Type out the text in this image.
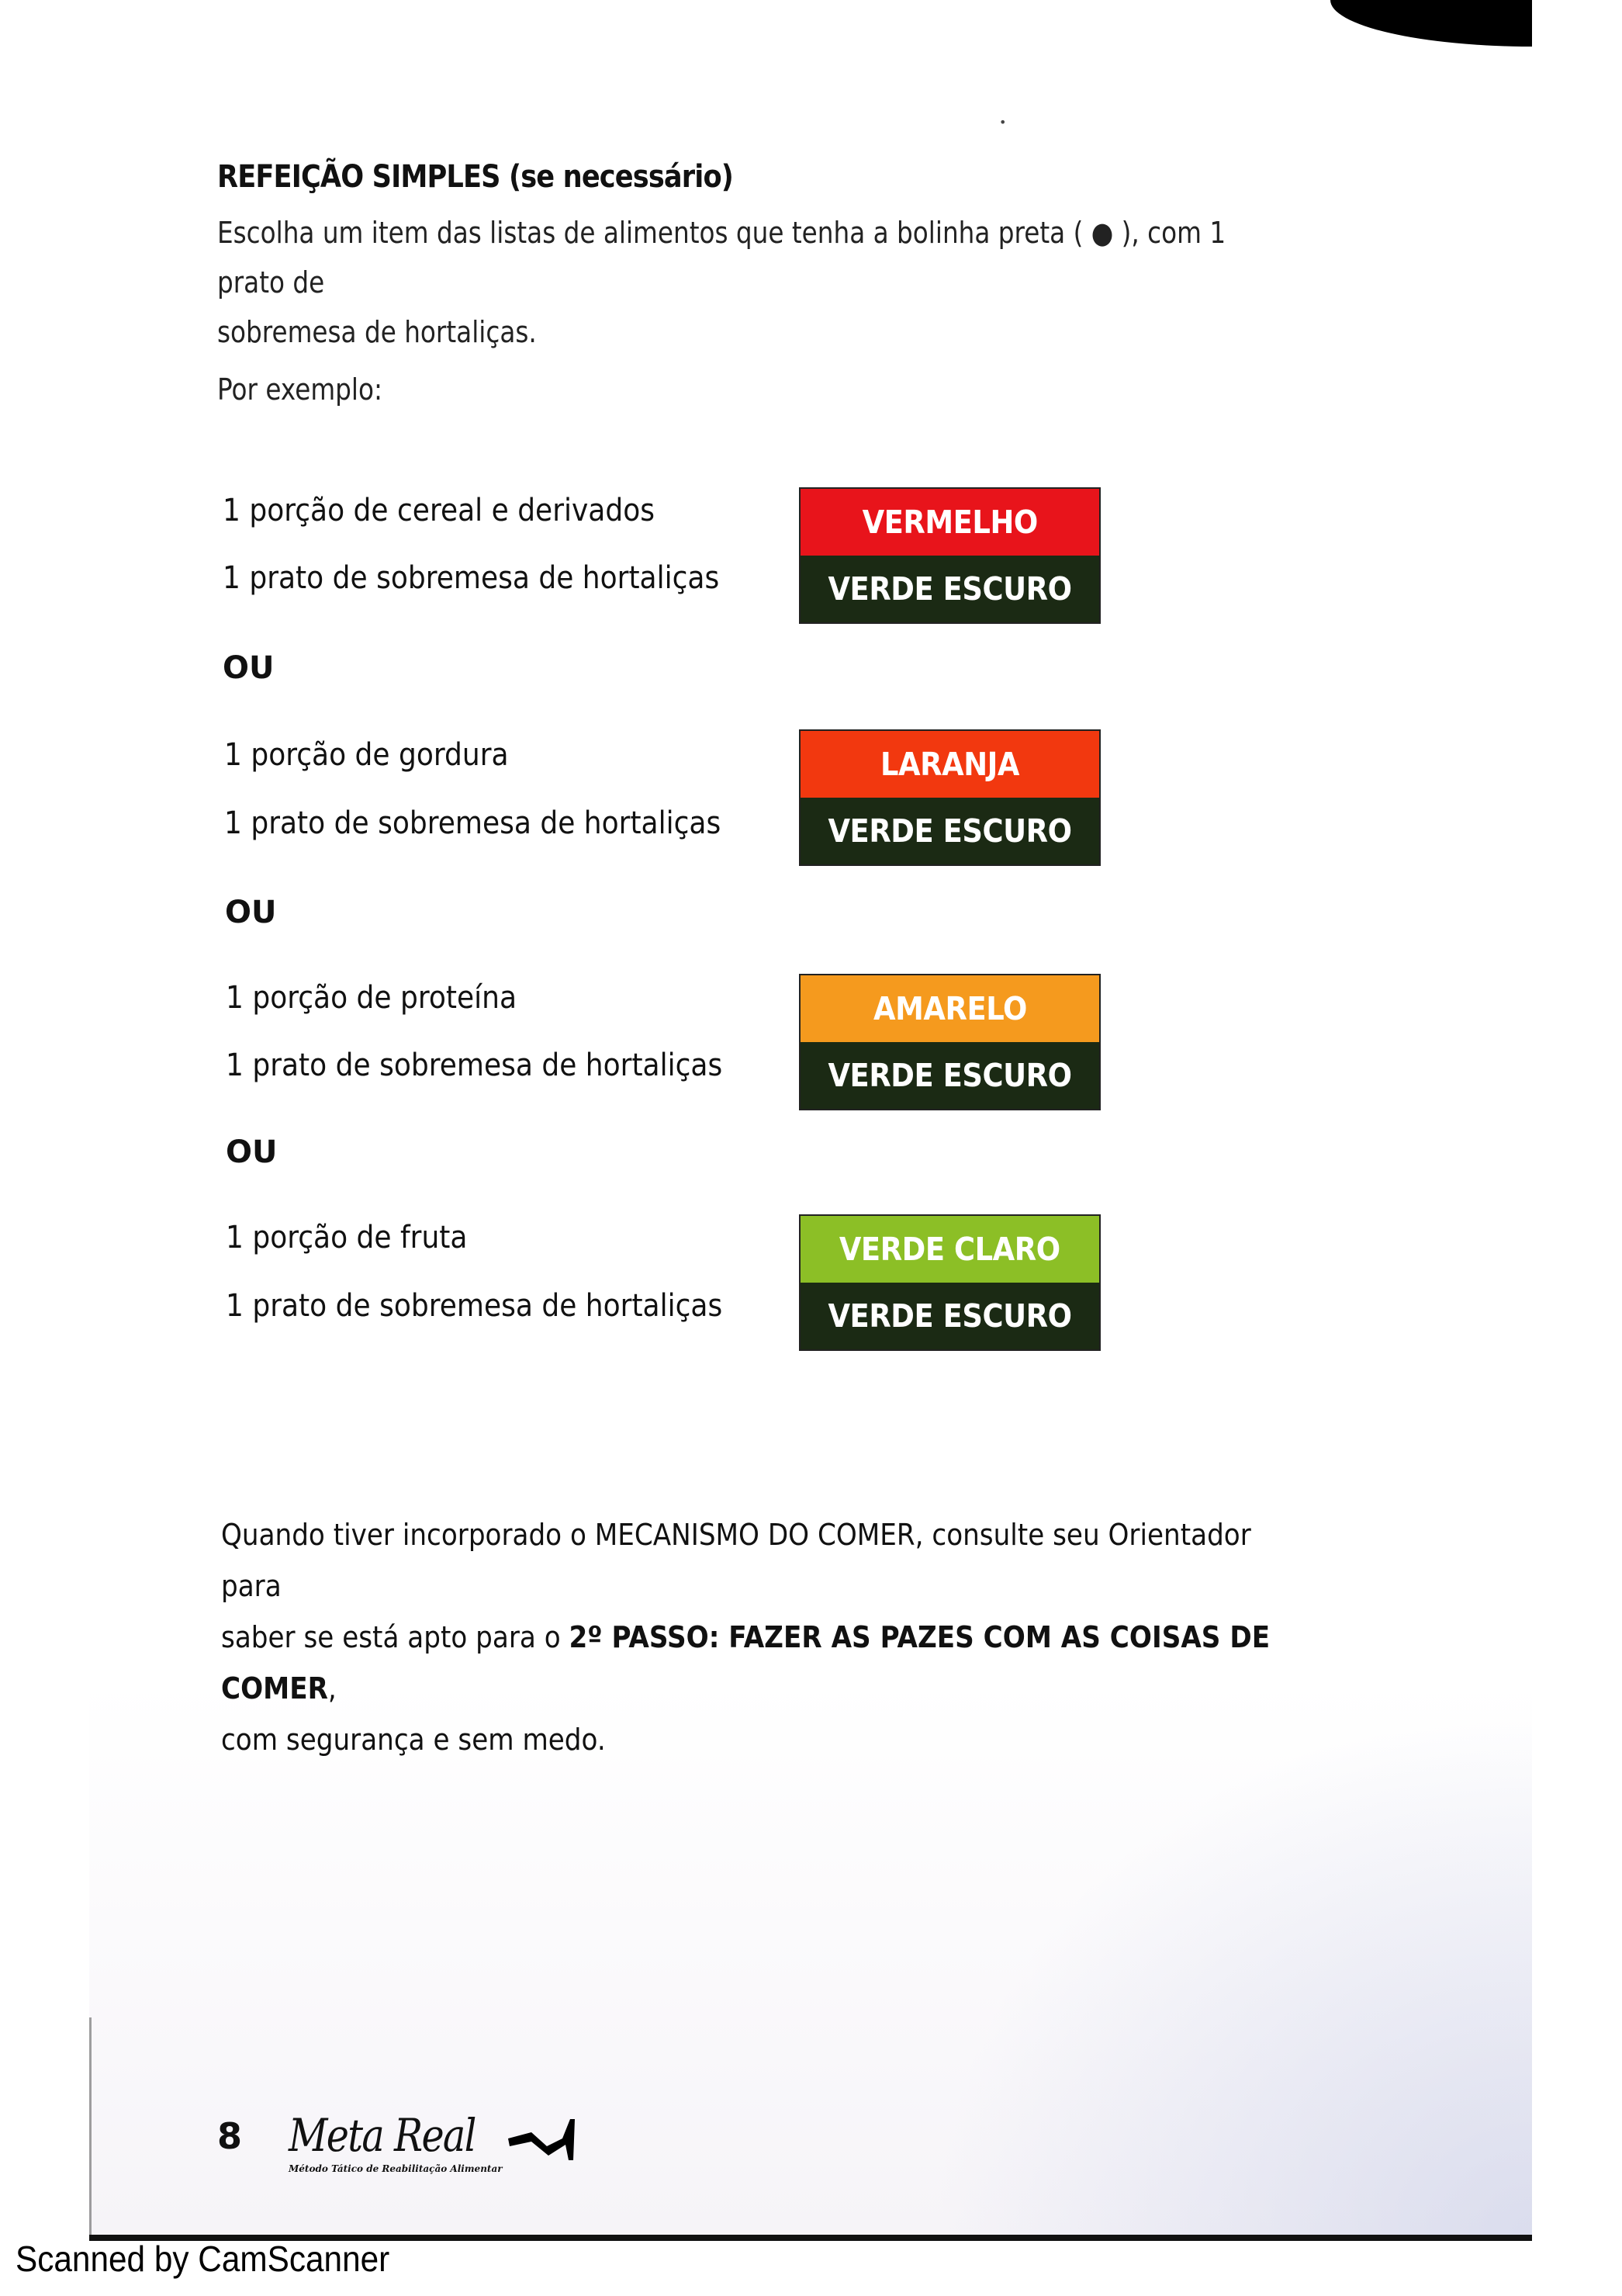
•
REFEIÇÃO SIMPLES (se necessário)

Escolha um item das listas de alimentos que tenha a bolinha preta ( ● ), com 1 prato de

sobremesa de hortaliças.

Por exemplo:
1 porção de cereal e derivados
1 prato de sobremesa de hortaliças
VERMELHO
VERDE ESCURO
OU
1 porção de gordura
1 prato de sobremesa de hortaliças
LARANJA
VERDE ESCURO
OU
1 porção de proteína
1 prato de sobremesa de hortaliças
AMARELO
VERDE ESCURO
OU
1 porção de fruta
1 prato de sobremesa de hortaliças
VERDE CLARO
VERDE ESCURO

Quando tiver incorporado o MECANISMO DO COMER, consulte seu Orientador para

saber se está apto para o 2º PASSO: FAZER AS PAZES COM AS COISAS DE COMER,

com segurança e sem medo.

8 Meta Real
Método Tático de Reabilitação Alimentar
Scanned by CamScanner
